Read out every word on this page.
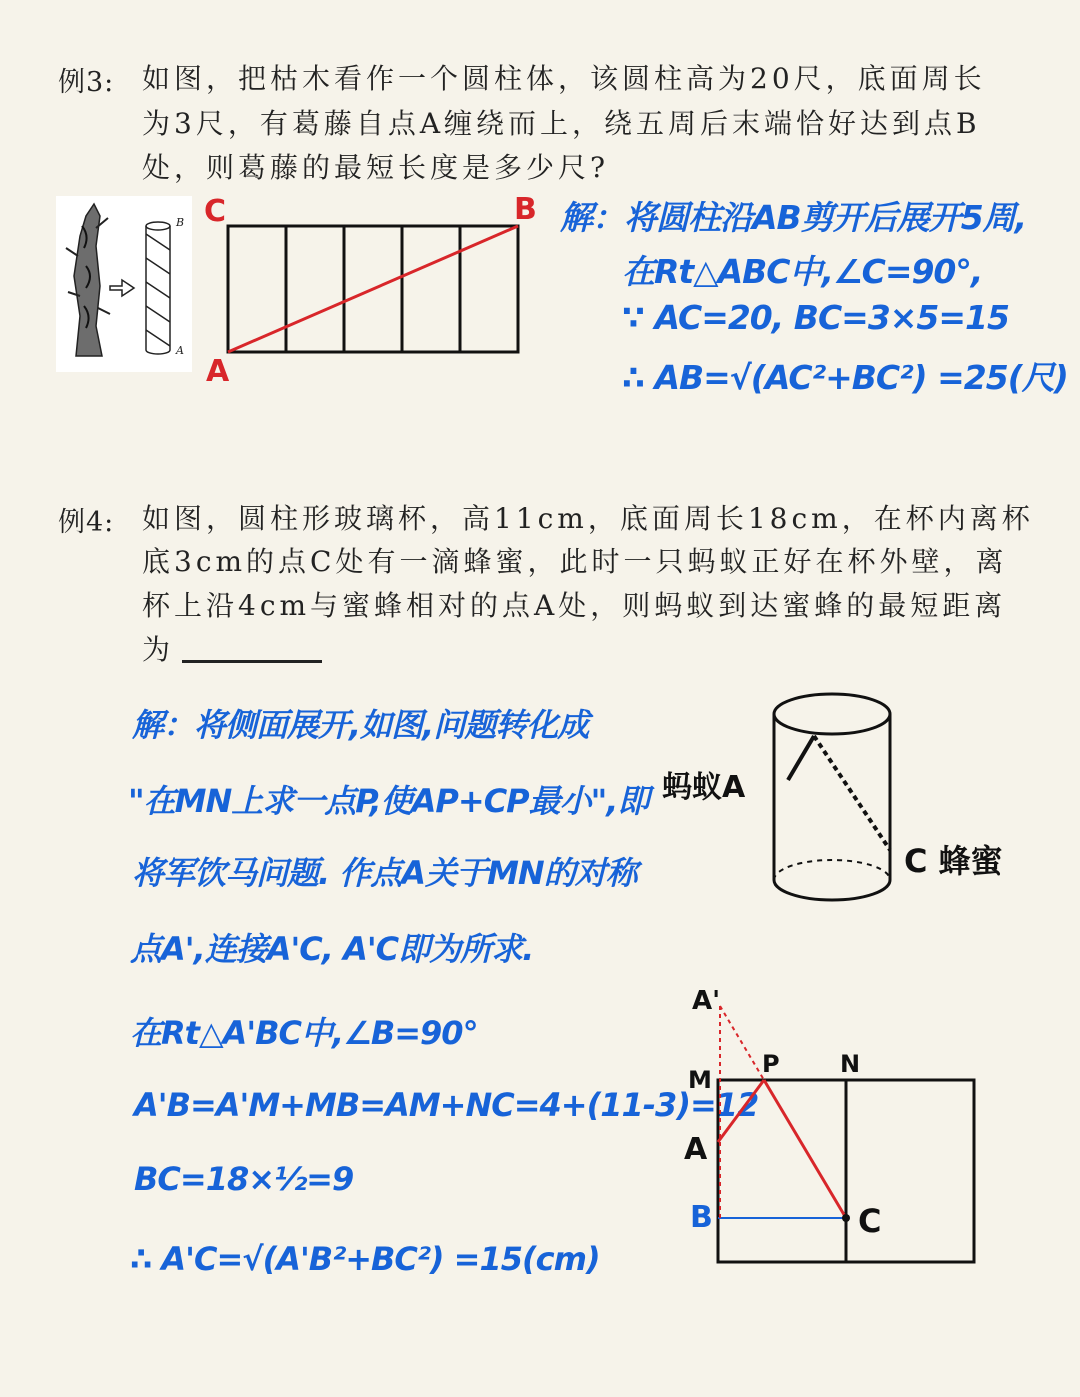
例3: 如图，把枯木看作一个圆柱体，该圆柱高为20尺，底面周长
为3尺，有葛藤自点A缠绕而上，绕五周后末端恰好达到点B
处，则葛藤的最短长度是多少尺?
B
A
C	B
A
解：将圆柱沿AB剪开后展开5周,
在Rt△ABC中,∠C=90°,
∵ AC=20, BC=3×5=15
∴ AB=√(AC²+BC²) =25(尺)
例4: 如图，圆柱形玻璃杯，高11cm，底面周长18cm，在杯内离杯
底3cm的点C处有一滴蜂蜜，此时一只蚂蚁正好在杯外壁，离
杯上沿4cm与蜜蜂相对的点A处，则蚂蚁到达蜜蜂的最短距离
为
解：将侧面展开,如图,问题转化成
"在MN上求一点P,使AP+CP最小",即
将军饮马问题. 作点A关于MN的对称
点A',连接A'C, A'C即为所求.
在Rt△A'BC中,∠B=90°
A'B=A'M+MB=AM+NC=4+(11-3)=12
BC=18×½=9
∴ A'C=√(A'B²+BC²) =15(cm)
蚂蚁A
C 蜂蜜
A'
M
P	N
A
B	C
